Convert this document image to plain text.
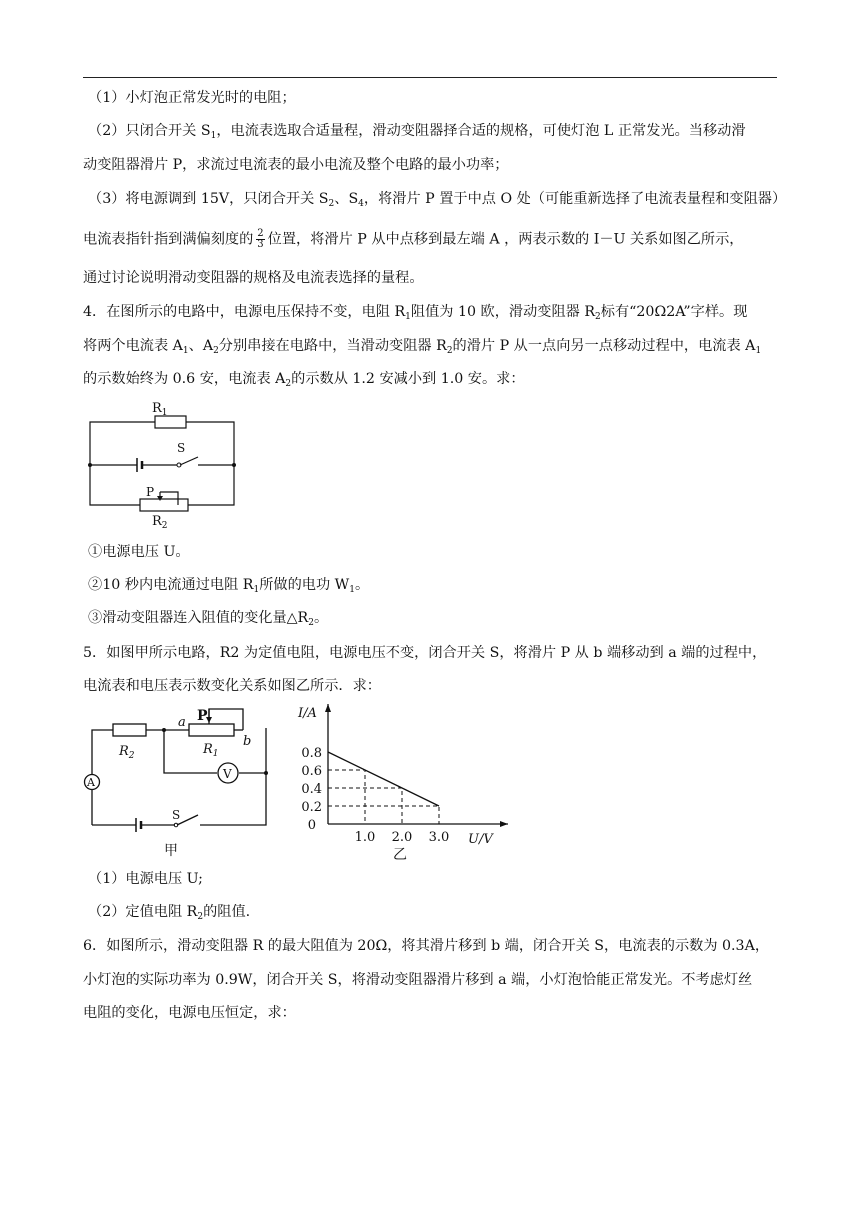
（1）小灯泡正常发光时的电阻；
（2）只闭合开关 $S_1$，电流表选取合适量程，滑动变阻器择合适的规格，可使灯泡 L 正常发光。当移动滑
动变阻器滑片 P，求流过电流表的最小电流及整个电路的最小功率；
（3）将电源调到 15V，只闭合开关 $S_2$、$S_4$，将滑片 P 置于中点 O 处（可能重新选择了电流表量程和变阻器）
电流表指针指到满偏刻度的 $\frac{2}{3}$ 位置，将滑片 P 从中点移到最左端 A ，两表示数的 I－U 关系如图乙所示，
通过讨论说明滑动变阻器的规格及电流表选择的量程。
4．在图所示的电路中，电源电压保持不变，电阻 $R_1$阻值为 10 欧，滑动变阻器 $R_2$标有“20Ω2A”字样。现
将两个电流表 $A_1$、$A_2$分别串接在电路中，当滑动变阻器 $R_2$的滑片 P 从一点向另一点移动过程中，电流表 $A_1$
的示数始终为 0.6 安，电流表 $A_2$的示数从 1.2 安减小到 1.0 安。求：
$R_1$
S
P
$R_2$
①电源电压 U。
②10 秒内电流通过电阻 $R_1$所做的电功 $W_1$。
③滑动变阻器连入阻值的变化量$\triangle R_2$。
5．如图甲所示电路，R2 为定值电阻，电源电压不变，闭合开关 S，将滑片 P 从 b 端移动到 a 端的过程中，
电流表和电压表示数变化关系如图乙所示．求：
A
V
$R_2$	$R_1$
a
b
P
S
甲
0.2
0.4
0.6
0.8
1.0 2.0 3.0
0
I/A
U/V
乙
（1）电源电压 U;
（2）定值电阻 $R_2$的阻值.
6．如图所示，滑动变阻器 R 的最大阻值为 20Ω，将其滑片移到 b 端，闭合开关 S，电流表的示数为 0.3A，
小灯泡的实际功率为 0.9W，闭合开关 S，将滑动变阻器滑片移到 a 端，小灯泡恰能正常发光。不考虑灯丝
电阻的变化，电源电压恒定，求：
